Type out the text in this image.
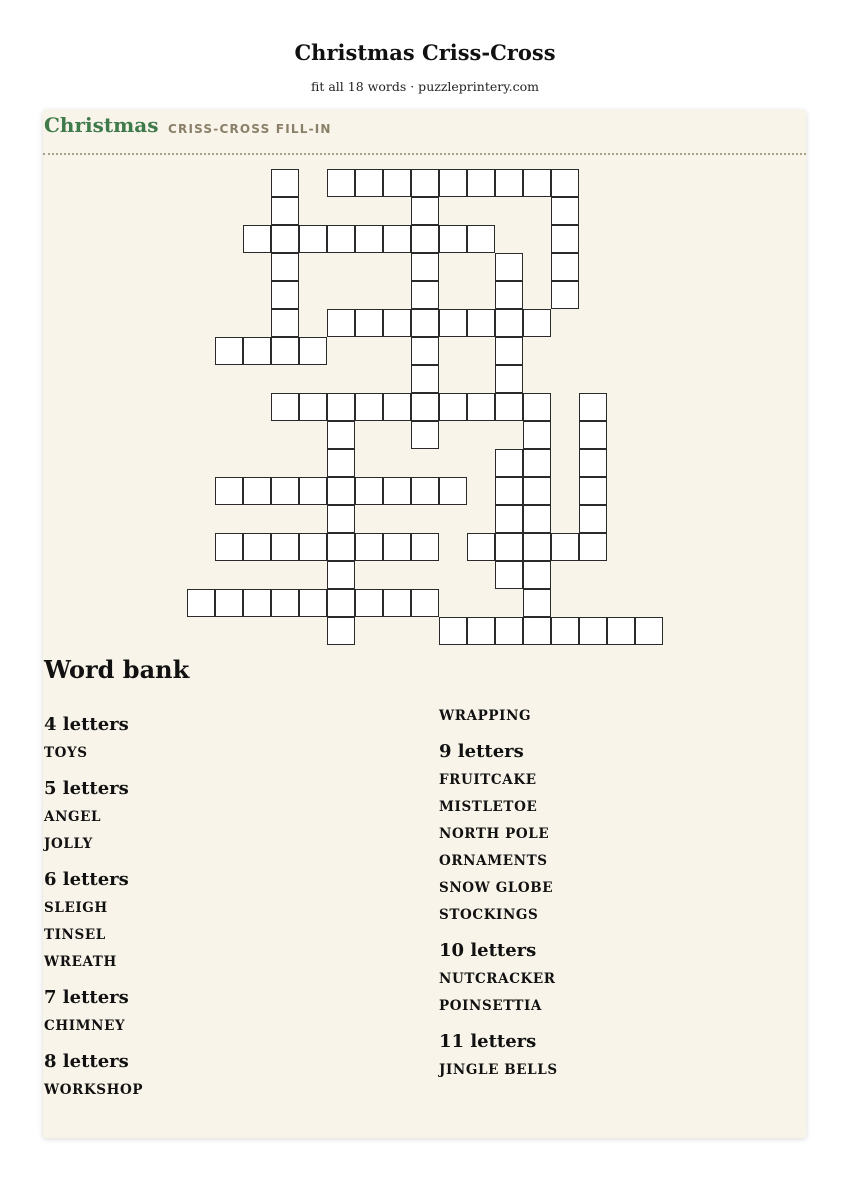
Christmas Criss-Cross
fit all 18 words · puzzleprintery.com
Christmas CRISS-CROSS FILL-IN
Word bank
4 letters
TOYS
5 letters
ANGEL
JOLLY
6 letters
SLEIGH
TINSEL
WREATH
7 letters
CHIMNEY
8 letters
WORKSHOP
WRAPPING
9 letters
FRUITCAKE
MISTLETOE
NORTH POLE
ORNAMENTS
SNOW GLOBE
STOCKINGS
10 letters
NUTCRACKER
POINSETTIA
11 letters
JINGLE BELLS
